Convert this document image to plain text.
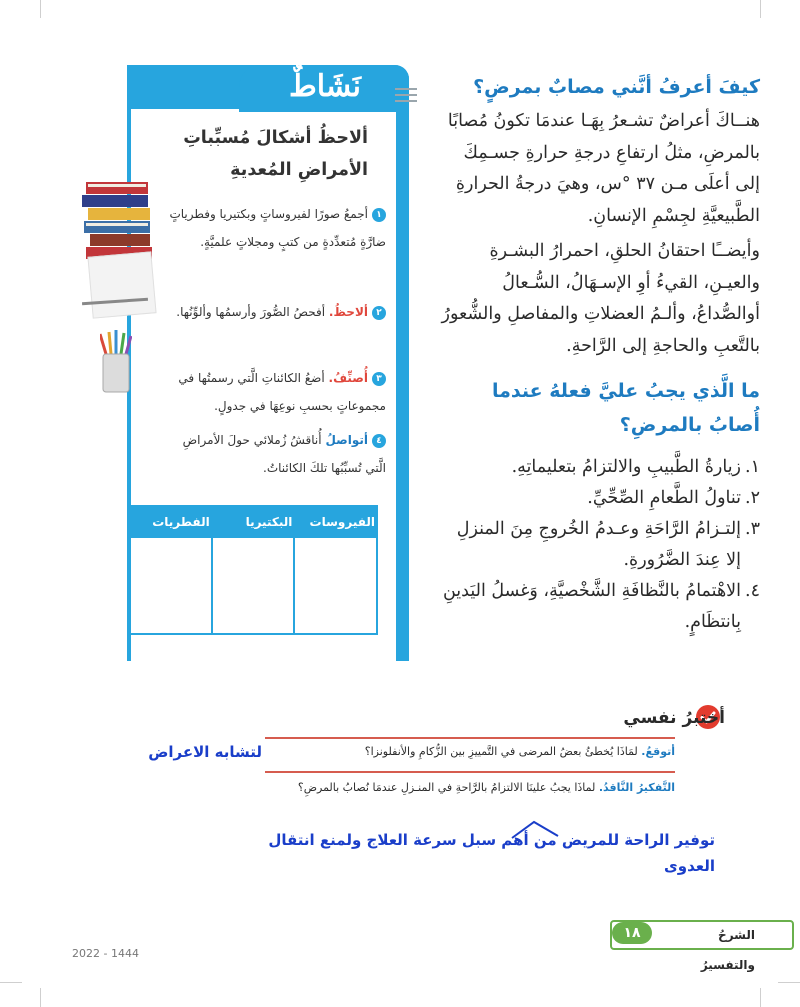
كيفَ أعرفُ أنَّني مصابٌ بمرضٍ؟

هنــاكَ أعراضٌ تشـعرُ بِهَـا عندمَا تكونُ مُصابًا بالمرضِ، مثلُ ارتفاعِ درجةِ حرارةِ جسـمِكَ إلى أعلَى مـن ٣٧ °س، وهيَ درجةُ الحرارةِ الطَّبيعيَّةِ لجِسْمِ الإنسانِ.

وأيضــًا احتقانُ الحلقِ، احمرارُ البشـرةِ والعيـنِ، القيءُ أوِ الإسـهَالُ، السُّـعالُ أوالصُّداعُ، وألـمُ العضلاتِ والمفاصلِ والشُّعورُ بالتَّعبِ والحاجةِ إلى الرَّاحةِ.

ما الَّذي يجبُ عليَّ فعلهُ عندما أُصابُ بالمرضِ؟
١.
زيارةُ الطَّبيبِ والالتزامُ بتعليماتِهِ.
٢.
تناولُ الطَّعامِ الصِّحِّيِّ.
٣.
إلتـزامُ الرَّاحَةِ وعـدمُ الخُروجِ مِنَ المنزلِ إلا عِندَ الضَّرُورةِ.
٤.
الاهْتمامُ بالنَّظافَةِ الشَّخْصيَّةِ، وَغسلُ اليَدينِ بِانتظَامٍ.
نَشَاطٌ
ألاحظُ أشكالَ مُسبِّباتِ الأمراضِ المُعديةِ
١أجمعُ صورًا لفيروساتٍ وبكتيريا وفطرياتٍ ضارَّةٍ مُتعدِّدةٍ من كتبٍ ومجلاتٍ علميَّةٍ.
٢ألاحظُ. أفحصُ الصُّورَ وأرسمُها وألوِّنُها.
٣أُصنِّفُ. أضعُ الكائناتِ الَّتي رسمتُها في مجموعاتٍ بحسبِ نوعِهَا في جدولٍ.
٤أتواصلُ أُناقشُ زُملائي حولَ الأمراضِ الَّتي تُسبِّبُها تلكَ الكائناتُ.
الفيروسات	البكتيريا	الفطريات

أختبرُ نفسي
أتوقعُ. لمَاذَا يُخطئُ بعضُ المرضى في التَّمييزِ بين الزُّكامِ والأنفلونزا؟
التَّفكيرُ النَّاقدُ. لماذَا يجبُ علينَا الالتزامُ بالرَّاحةِ في المنـزلِ عندمَا نُصابُ بالمرضِ؟
لتشابه الاعراض
توفير الراحة للمريض من أهم سبل سرعة العلاج ولمنع انتقال العدوى
الشرحُ والتفسيرُ
١٨
2022 - 1444
